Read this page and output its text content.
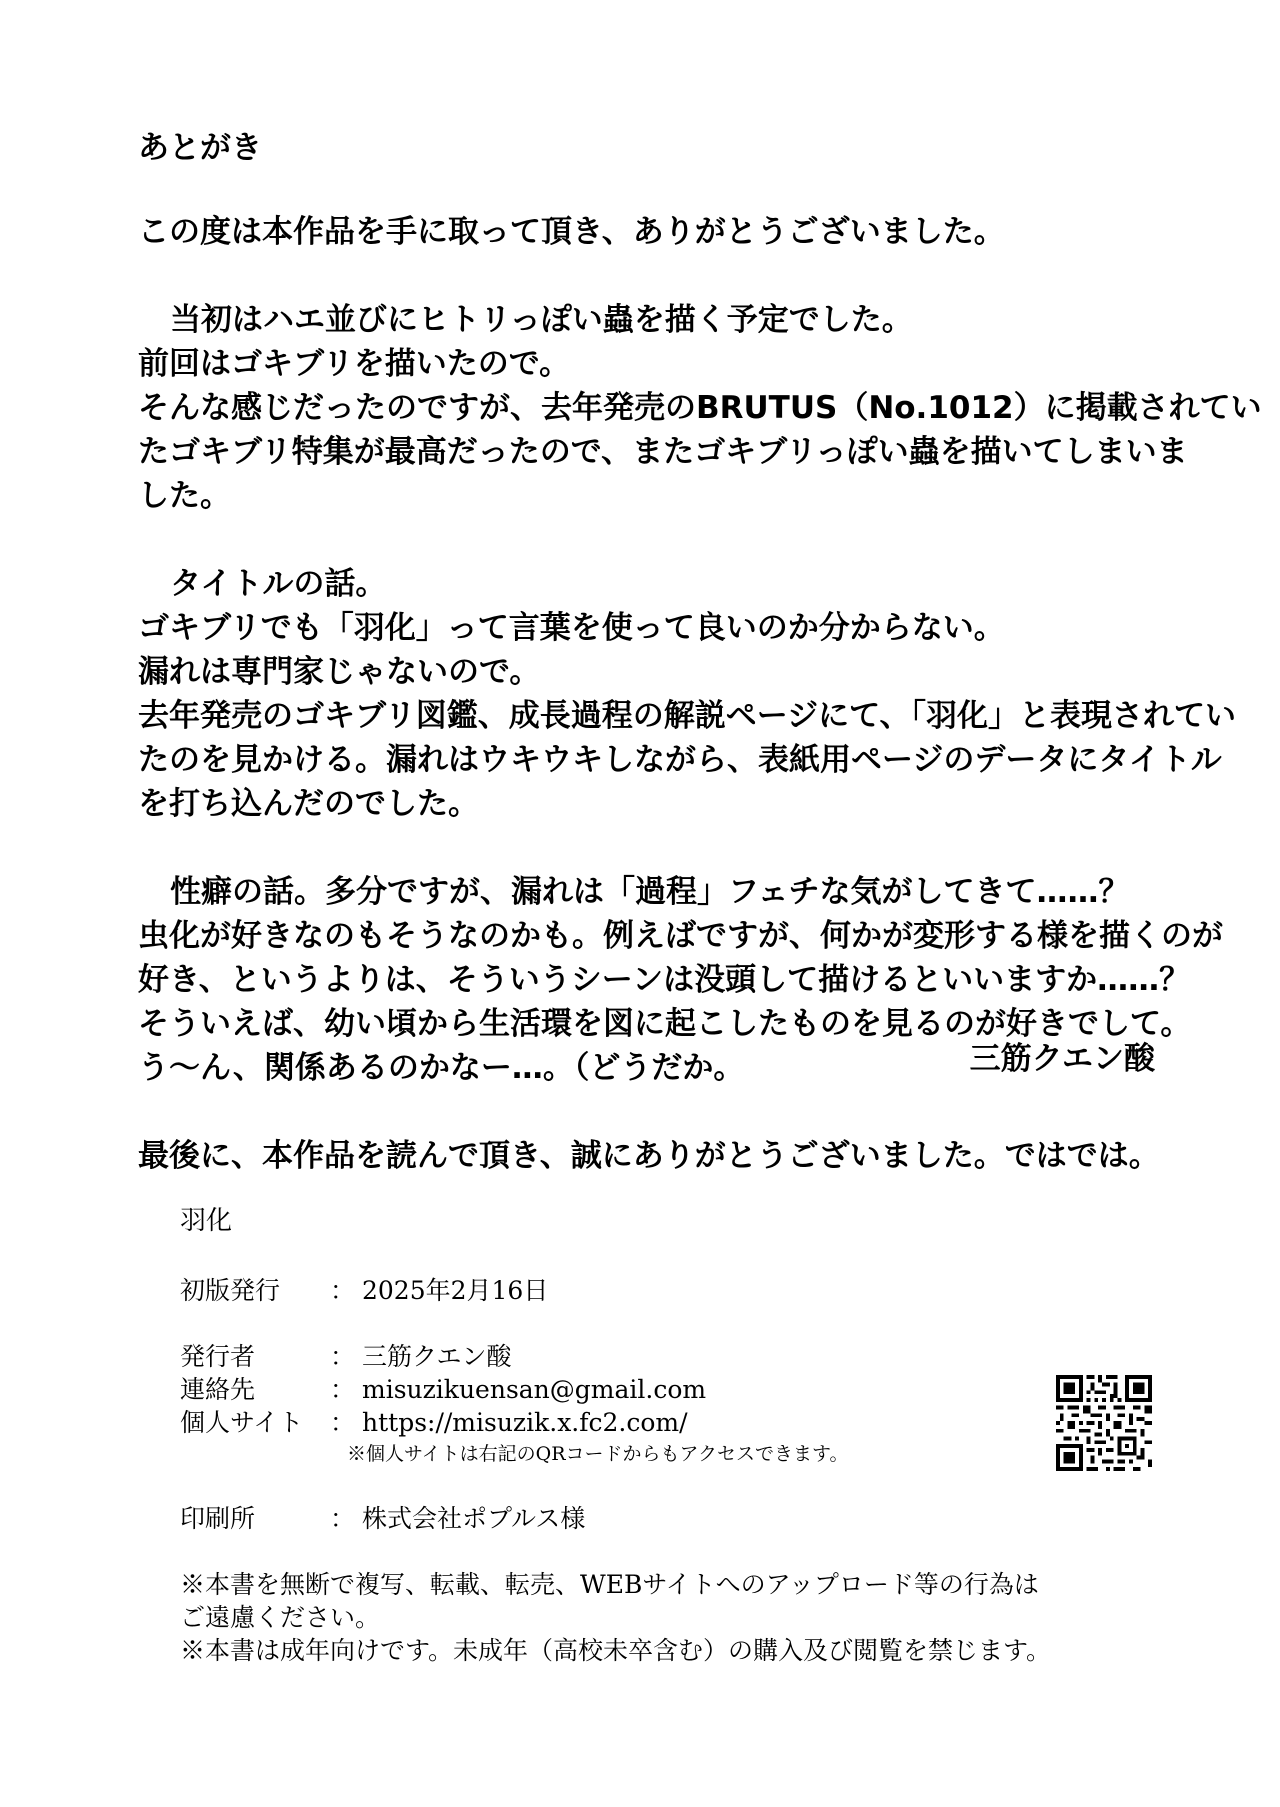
あとがき
この度は本作品を手に取って頂き、ありがとうございました。
当初はハエ並びにヒトリっぽい蟲を描く予定でした。
前回はゴキブリを描いたので。
そんな感じだったのですが、去年発売のBRUTUS（No.1012）に掲載されてい
たゴキブリ特集が最高だったので、またゴキブリっぽい蟲を描いてしまいま
した。
タイトルの話。
ゴキブリでも「羽化」って言葉を使って良いのか分からない。
漏れは専門家じゃないので。
去年発売のゴキブリ図鑑、成長過程の解説ページにて、「羽化」と表現されてい
たのを見かける。漏れはウキウキしながら、表紙用ページのデータにタイトル
を打ち込んだのでした。
性癖の話。多分ですが、漏れは「過程」フェチな気がしてきて……？
虫化が好きなのもそうなのかも。例えばですが、何かが変形する様を描くのが
好き、というよりは、そういうシーンは没頭して描けるといいますか……？
そういえば、幼い頃から生活環を図に起こしたものを見るのが好きでして。
う〜ん、関係あるのかなー…。（どうだか。
最後に、本作品を読んで頂き、誠にありがとうございました。ではでは。
三筋クエン酸
羽化
初版発行	： 2025年2月16日
発行者	： 三筋クエン酸
連絡先	： misuzikuensan@gmail.com
個人サイト	： https://misuzik.x.fc2.com/
※個人サイトは右記のQRコードからもアクセスできます。
印刷所	： 株式会社ポプルス様
※本書を無断で複写、転載、転売、WEBサイトへのアップロード等の行為は
ご遠慮ください。
※本書は成年向けです。未成年（高校未卒含む）の購入及び閲覧を禁じます。
